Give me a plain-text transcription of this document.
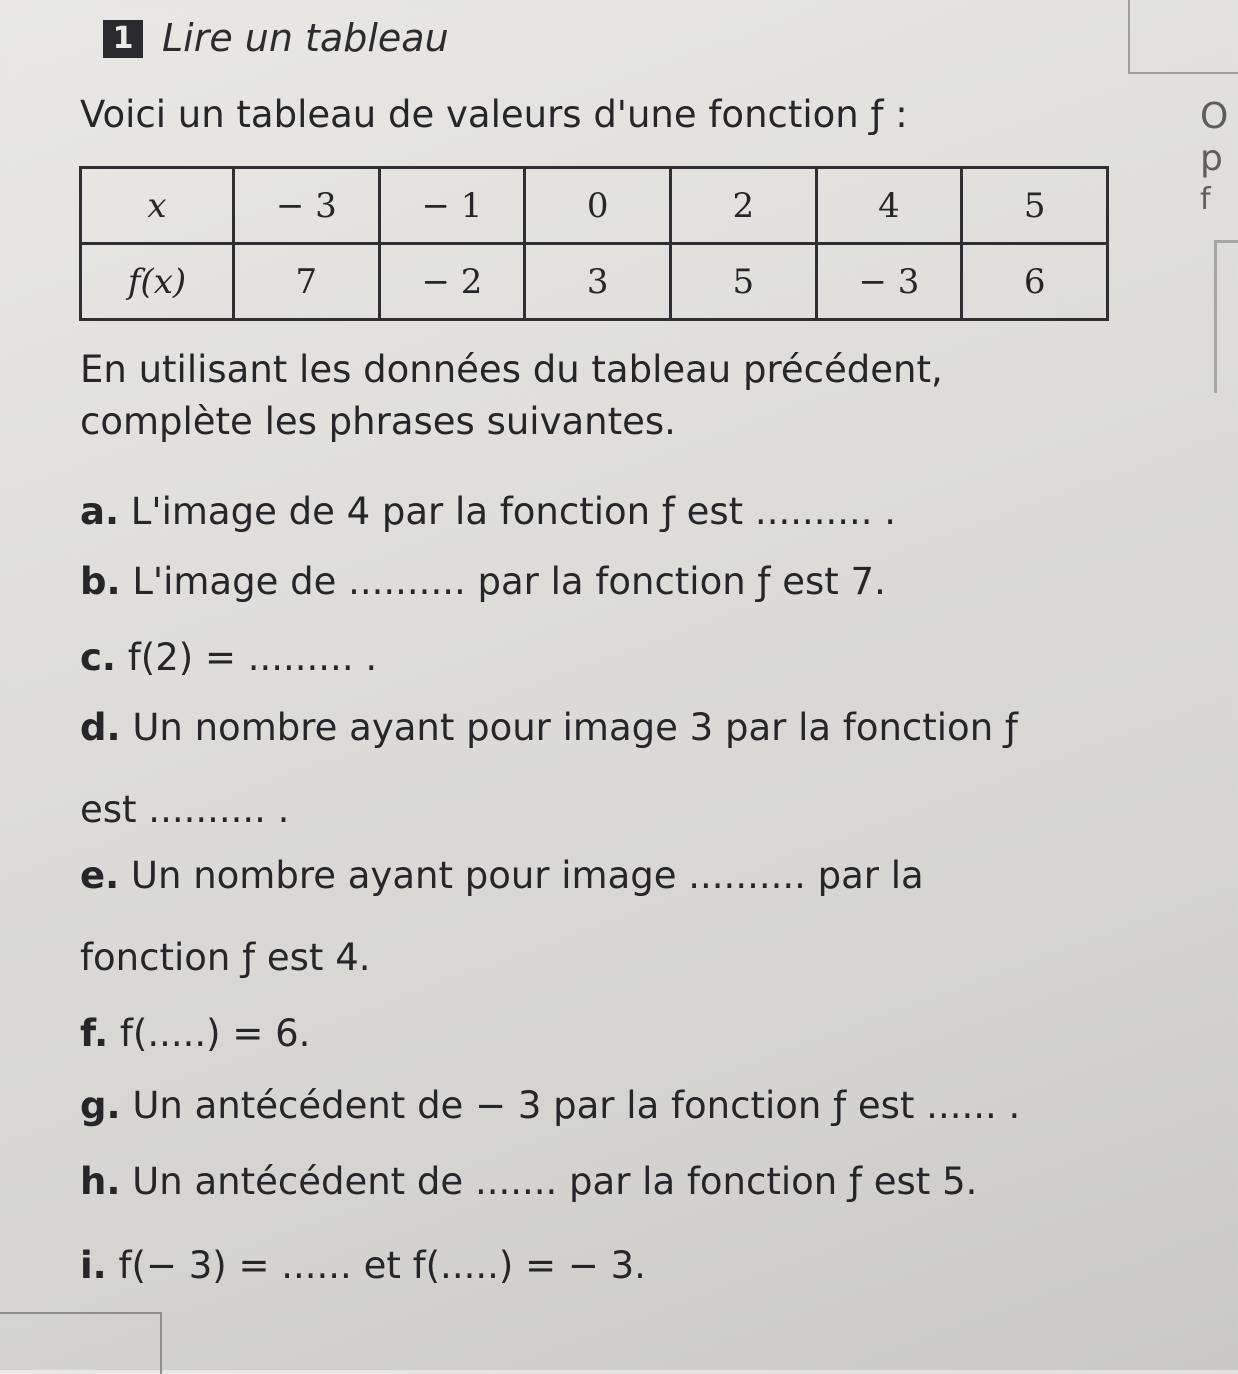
O
p
f
1 Lire un tableau
Voici un tableau de valeurs d'une fonction ƒ :
x	− 3	− 1	0	2	4	5
f(x)	7	− 2	3	5	− 3	6
En utilisant les données du tableau précédent, complète les phrases suivantes.
a. L'image de 4 par la fonction ƒ est .......... .
b. L'image de .......... par la fonction ƒ est 7.
c. f(2) = ......... .
d. Un nombre ayant pour image 3 par la fonction ƒ
est .......... .
e. Un nombre ayant pour image .......... par la
fonction ƒ est 4.
f. f(.....) = 6.
g. Un antécédent de − 3 par la fonction ƒ est ...... .
h. Un antécédent de ....... par la fonction ƒ est 5.
i. f(− 3) = ...... et f(.....) = − 3.
